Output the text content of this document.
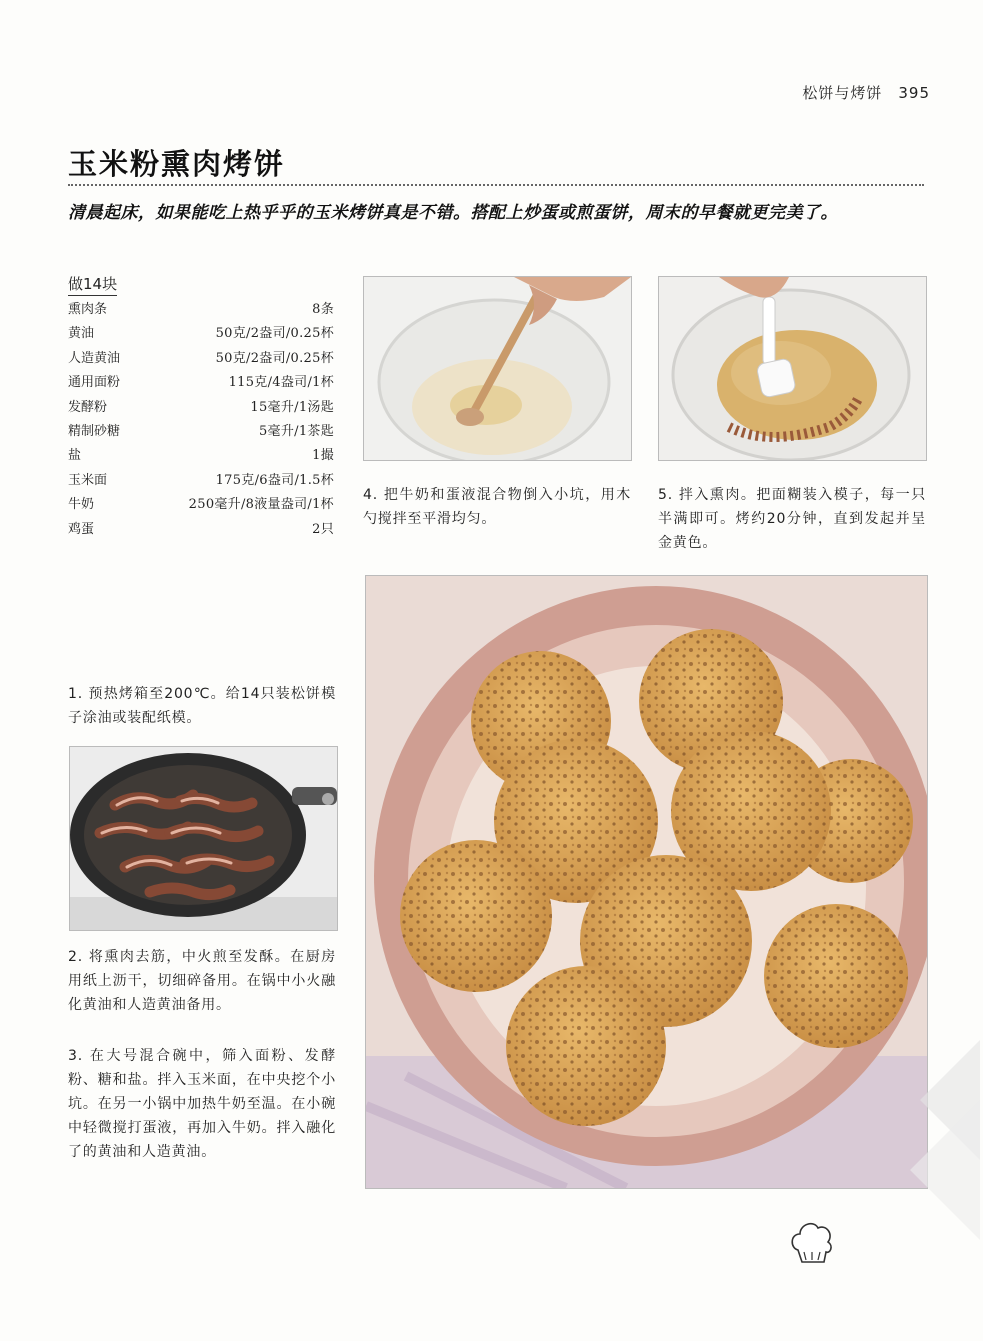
松饼与烤饼 395
玉米粉熏肉烤饼
清晨起床，如果能吃上热乎乎的玉米烤饼真是不错。搭配上炒蛋或煎蛋饼，周末的早餐就更完美了。
做14块
熏肉条	8条
黄油	50克/2盎司/0.25杯
人造黄油	50克/2盎司/0.25杯
通用面粉	115克/4盎司/1杯
发酵粉	15毫升/1汤匙
精制砂糖	5毫升/1茶匙
盐	1撮
玉米面	175克/6盎司/1.5杯
牛奶	250毫升/8液量盎司/1杯
鸡蛋	2只
1. 预热烤箱至200℃。给14只装松饼模子涂油或装配纸模。
2. 将熏肉去筋，中火煎至发酥。在厨房用纸上沥干，切细碎备用。在锅中小火融化黄油和人造黄油备用。
3. 在大号混合碗中，筛入面粉、发酵粉、糖和盐。拌入玉米面，在中央挖个小坑。在另一小锅中加热牛奶至温。在小碗中轻微搅打蛋液，再加入牛奶。拌入融化了的黄油和人造黄油。
4. 把牛奶和蛋液混合物倒入小坑，用木勺搅拌至平滑均匀。
5. 拌入熏肉。把面糊装入模子，每一只半满即可。烤约20分钟，直到发起并呈金黄色。
